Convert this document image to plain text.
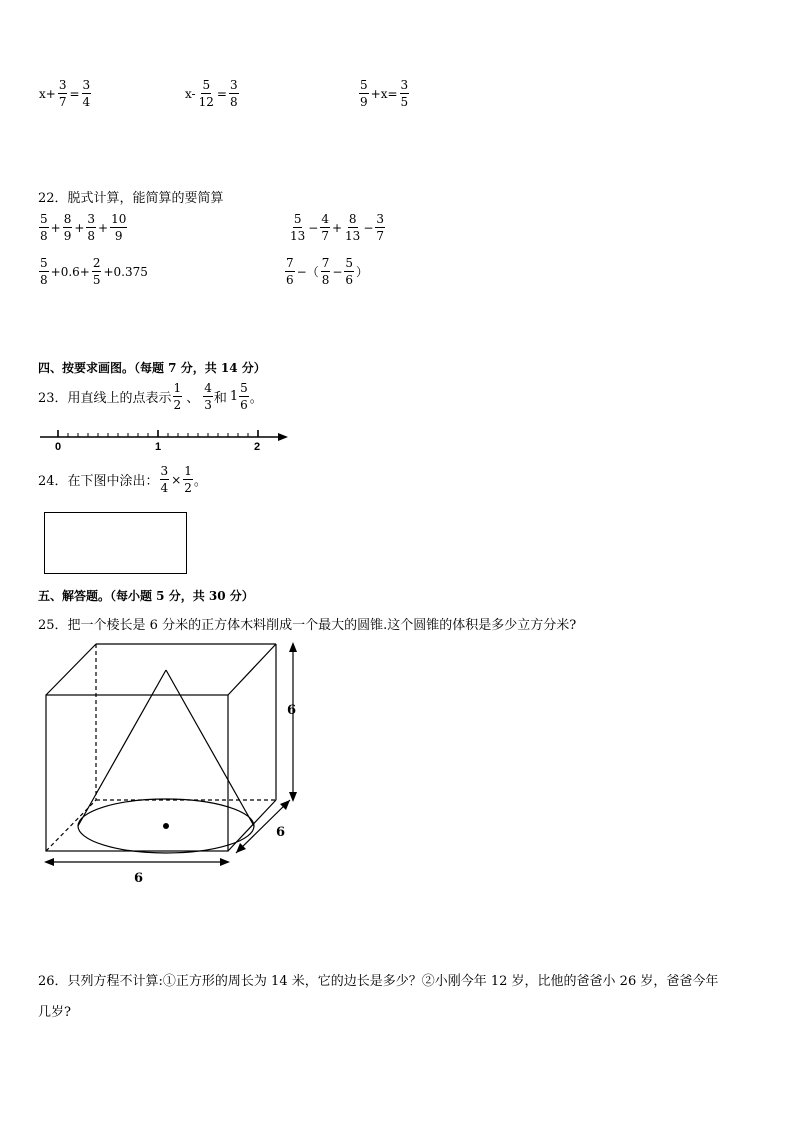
$x+ \frac{3}{7} = \frac{3}{4}$	$x- \frac{5}{12} = \frac{3}{8}$	$\frac{5}{9} +x= \frac{3}{5}$
22．脱式计算，能简算的要简算
$\frac{5}{8} + \frac{8}{9} + \frac{3}{8} + \frac{10}{9}$	$\frac{5}{13} - \frac{4}{7} + \frac{8}{13} - \frac{3}{7}$
$\frac{5}{8} +0.6+ \frac{2}{5} +0.375$	$\frac{7}{6}$ −（ $\frac{7}{8} - \frac{5}{6}$ ）
四、按要求画图。（每题 7 分，共 14 分）
23．用直线上的点表示 $\frac{1}{2}$ 、 $\frac{4}{3}$ 和 $1 \frac{5}{6}$ 。
0	1	2
24．在下图中涂出： $\frac{3}{4} \times \frac{1}{2}$ 。
五、解答题。（每小题 5 分，共 30 分）
25．把一个棱长是 6 分米的正方体木料削成一个最大的圆锥.这个圆锥的体积是多少立方分米?
6
6
6
26．只列方程不计算:①正方形的周长为 14 米，它的边长是多少？②小刚今年 12 岁，比他的爸爸小 26 岁，爸爸今年
几岁?
